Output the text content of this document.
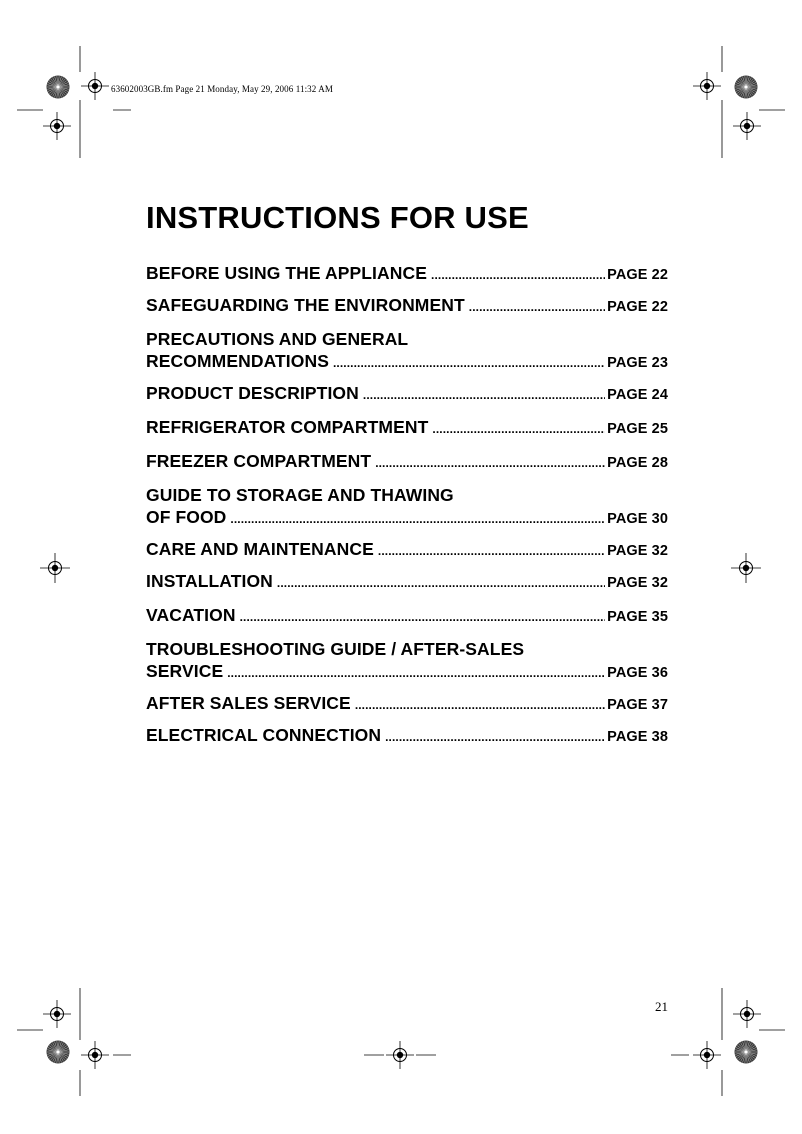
63602003GB.fm Page 21 Monday, May 29, 2006 11:32 AM
INSTRUCTIONS FOR USE
BEFORE USING THE APPLIANCE .....	PAGE 22
SAFEGUARDING THE ENVIRONMENT .....	PAGE 22
PRECAUTIONS AND GENERAL
RECOMMENDATIONS .....	PAGE 23
PRODUCT DESCRIPTION .....	PAGE 24
REFRIGERATOR COMPARTMENT .....	PAGE 25
FREEZER COMPARTMENT .....	PAGE 28
GUIDE TO STORAGE AND THAWING
OF FOOD .....	PAGE 30
CARE AND MAINTENANCE .....	PAGE 32
INSTALLATION .....	PAGE 32
VACATION .....	PAGE 35
TROUBLESHOOTING GUIDE / AFTER-SALES
SERVICE .....	PAGE 36
AFTER SALES SERVICE .....	PAGE 37
ELECTRICAL CONNECTION .....	PAGE 38
21
